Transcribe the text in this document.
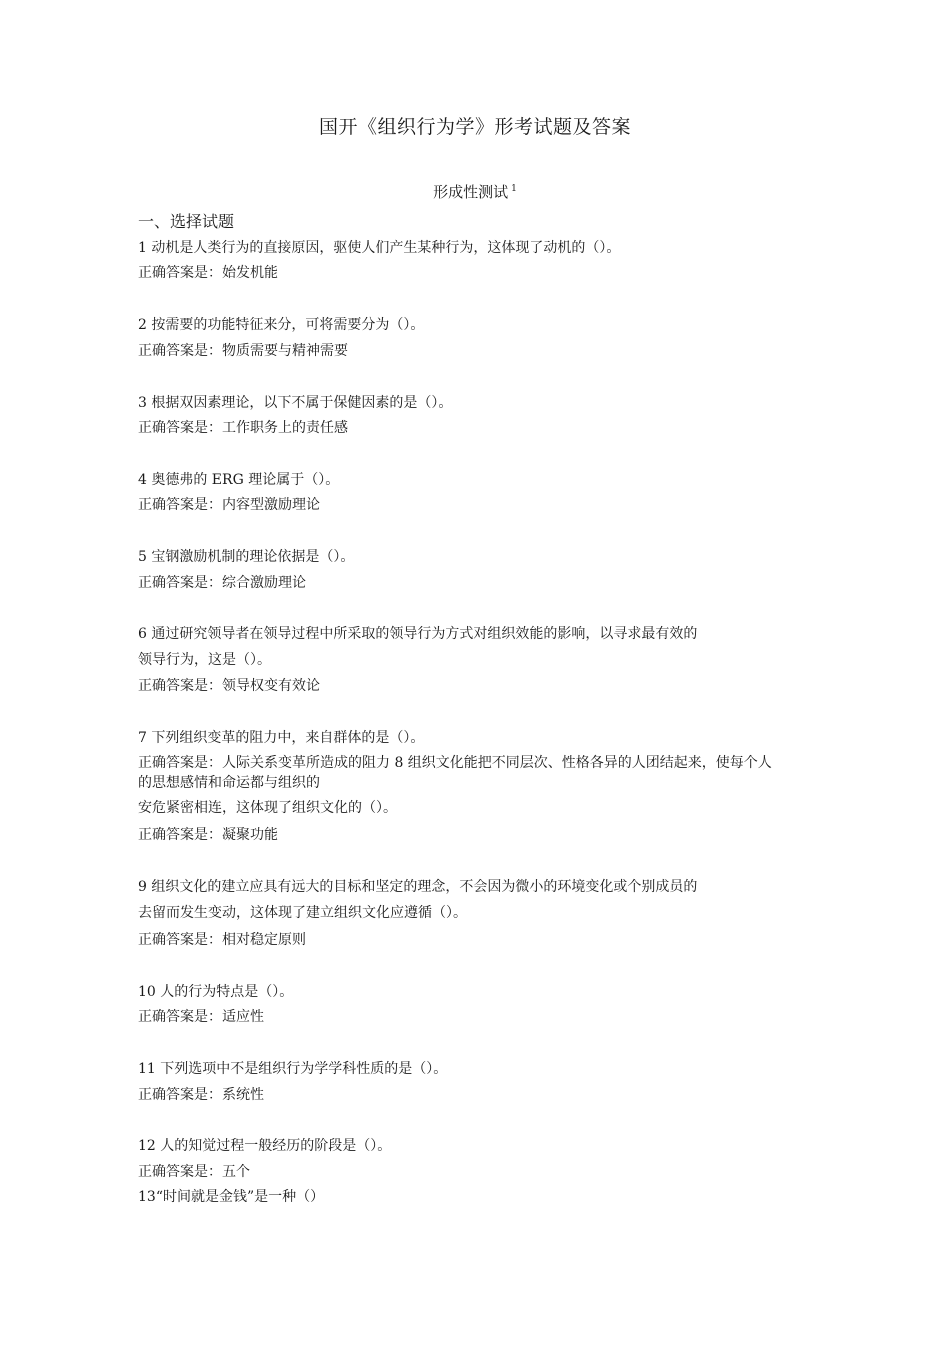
国开《组织行为学》形考试题及答案
形成性测试 $^1$
一、选择试题
1 动机是人类行为的直接原因，驱使人们产生某种行为，这体现了动机的（）。
正确答案是：始发机能
2 按需要的功能特征来分，可将需要分为（）。
正确答案是：物质需要与精神需要
3 根据双因素理论，以下不属于保健因素的是（）。
正确答案是：工作职务上的责任感
4 奥德弗的 ERG 理论属于（）。
正确答案是：内容型激励理论
5 宝钢激励机制的理论依据是（）。
正确答案是：综合激励理论
6 通过研究领导者在领导过程中所采取的领导行为方式对组织效能的影响，以寻求最有效的
领导行为，这是（）。
正确答案是：领导权变有效论
7 下列组织变革的阻力中，来自群体的是（）。
正确答案是：人际关系变革所造成的阻力 8 组织文化能把不同层次、性格各异的人团结起来，使每个人
的思想感情和命运都与组织的
安危紧密相连，这体现了组织文化的（）。
正确答案是：凝聚功能
9 组织文化的建立应具有远大的目标和坚定的理念，不会因为微小的环境变化或个别成员的
去留而发生变动，这体现了建立组织文化应遵循（）。
正确答案是：相对稳定原则
10 人的行为特点是（）。
正确答案是：适应性
11 下列选项中不是组织行为学学科性质的是（）。
正确答案是：系统性
12 人的知觉过程一般经历的阶段是（）。
正确答案是：五个
13“时间就是金钱”是一种（）
